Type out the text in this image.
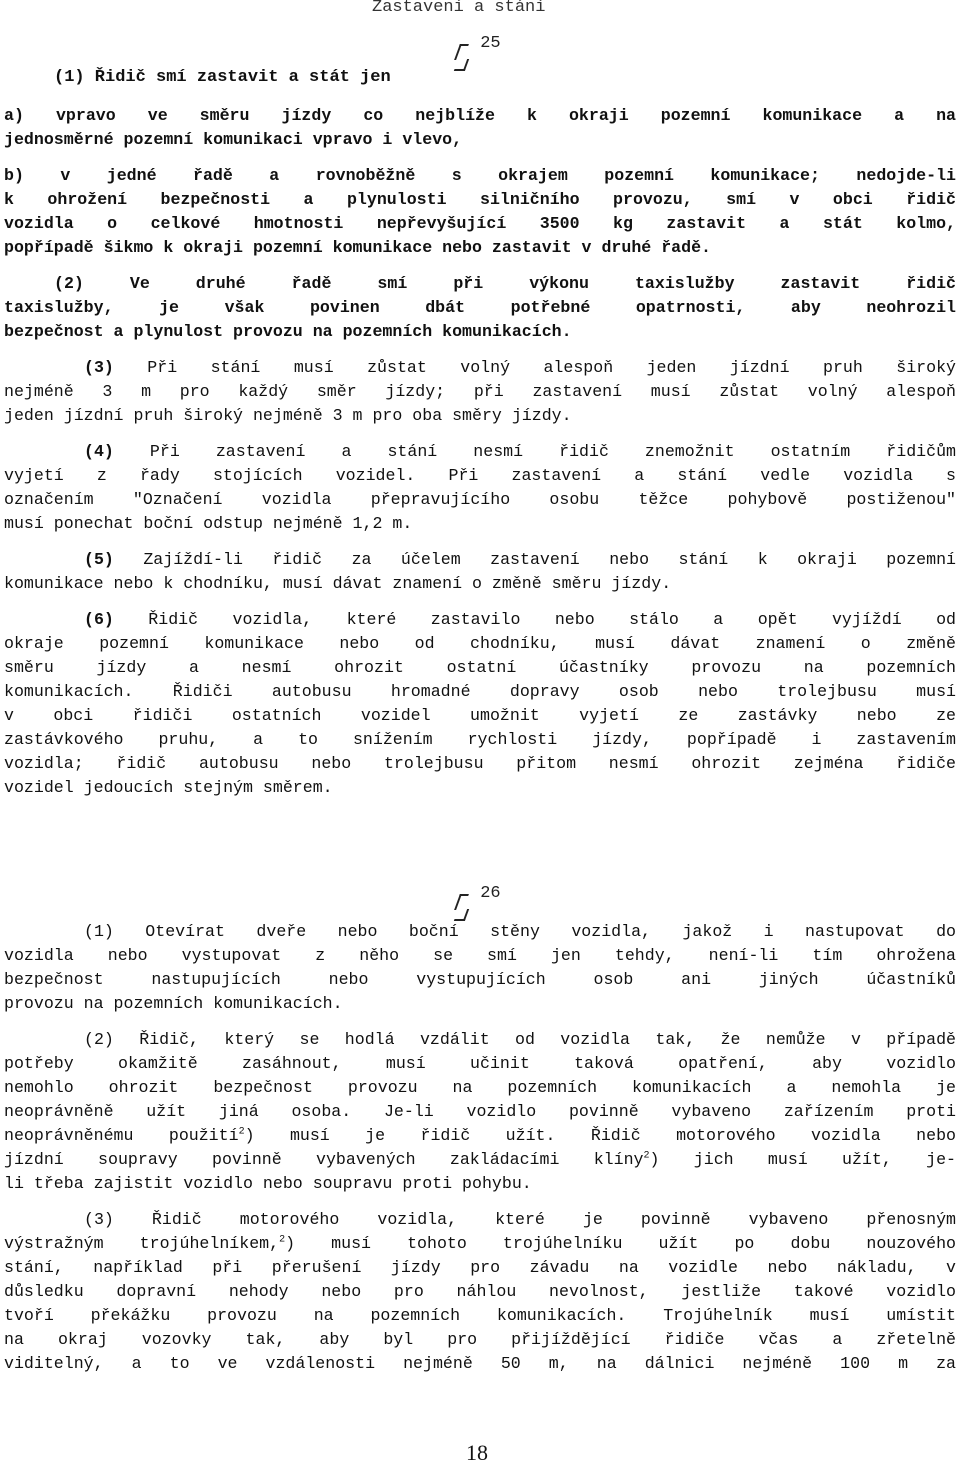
Zastavení a stání
25
(1) Řidič smí zastavit a stát jen
a) vpravo ve směru jízdy co nejblíže k okraji pozemní komunikace a na
jednosměrné pozemní komunikaci vpravo i vlevo,
b) v jedné řadě a rovnoběžně s okrajem pozemní komunikace; nedojde-li
k ohrožení bezpečnosti a plynulosti silničního provozu, smí v obci řidič
vozidla o celkové hmotnosti nepřevyšující 3500 kg zastavit a stát kolmo,
popřípadě šikmo k okraji pozemní komunikace nebo zastavit v druhé řadě.
(2) Ve druhé řadě smí při výkonu taxislužby zastavit řidič
taxislužby, je však povinen dbát potřebné opatrnosti, aby neohrozil
bezpečnost a plynulost provozu na pozemních komunikacích.
(3) Při stání musí zůstat volný alespoň jeden jízdní pruh široký
nejméně 3 m pro každý směr jízdy; při zastavení musí zůstat volný alespoň
jeden jízdní pruh široký nejméně 3 m pro oba směry jízdy.
(4) Při zastavení a stání nesmí řidič znemožnit ostatním řidičům
vyjetí z řady stojících vozidel. Při zastavení a stání vedle vozidla s
označením "Označení vozidla přepravujícího osobu těžce pohybově postiženou"
musí ponechat boční odstup nejméně 1,2 m.
(5) Zajíždí-li řidič za účelem zastavení nebo stání k okraji pozemní
komunikace nebo k chodníku, musí dávat znamení o změně směru jízdy.
(6) Řidič vozidla, které zastavilo nebo stálo a opět vyjíždí od
okraje pozemní komunikace nebo od chodníku, musí dávat znamení o změně
směru jízdy a nesmí ohrozit ostatní účastníky provozu na pozemních
komunikacích. Řidiči autobusu hromadné dopravy osob nebo trolejbusu musí
v obci řidiči ostatních vozidel umožnit vyjetí ze zastávky nebo ze
zastávkového pruhu, a to snížením rychlosti jízdy, popřípadě i zastavením
vozidla; řidič autobusu nebo trolejbusu přitom nesmí ohrozit zejména řidiče
vozidel jedoucích stejným směrem.
26
(1) Otevírat dveře nebo boční stěny vozidla, jakož i nastupovat do
vozidla nebo vystupovat z něho se smí jen tehdy, není-li tím ohrožena
bezpečnost nastupujících nebo vystupujících osob ani jiných účastníků
provozu na pozemních komunikacích.
(2) Řidič, který se hodlá vzdálit od vozidla tak, že nemůže v případě
potřeby okamžitě zasáhnout, musí učinit taková opatření, aby vozidlo
nemohlo ohrozit bezpečnost provozu na pozemních komunikacích a nemohla je
neoprávněně užít jiná osoba. Je-li vozidlo povinně vybaveno zařízením proti
neoprávněnému použití$^2$) musí je řidič užít. Řidič motorového vozidla nebo
jízdní soupravy povinně vybavených zakládacími klíny$^2$) jich musí užít, je-
li třeba zajistit vozidlo nebo soupravu proti pohybu.
(3) Řidič motorového vozidla, které je povinně vybaveno přenosným
výstražným trojúhelníkem,$^2$) musí tohoto trojúhelníku užít po dobu nouzového
stání, například při přerušení jízdy pro závadu na vozidle nebo nákladu, v
důsledku dopravní nehody nebo pro náhlou nevolnost, jestliže takové vozidlo
tvoří překážku provozu na pozemních komunikacích. Trojúhelník musí umístit
na okraj vozovky tak, aby byl pro přijíždějící řidiče včas a zřetelně
viditelný, a to ve vzdálenosti nejméně 50 m, na dálnici nejméně 100 m za
18
